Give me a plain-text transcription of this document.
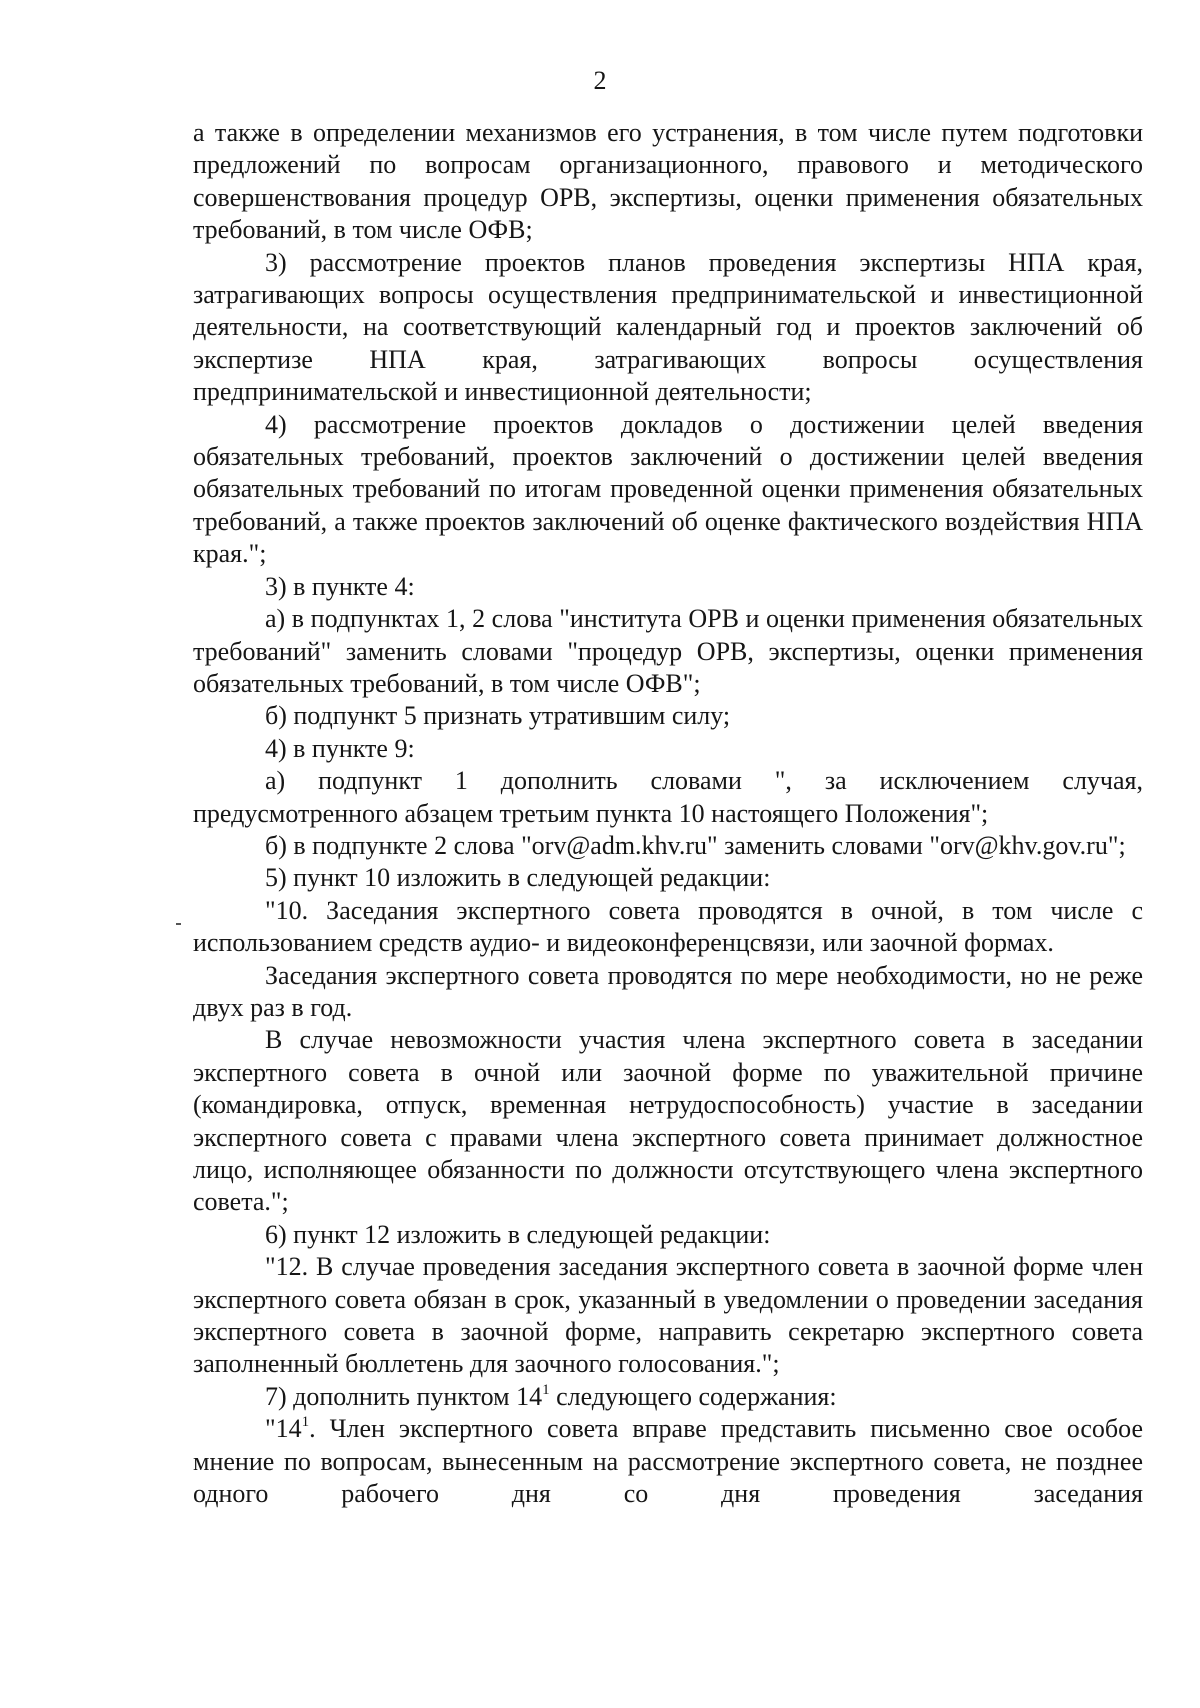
2

а также в определении механизмов его устранения, в том числе путем подготовки предложений по вопросам организационного, правового и методического совершенствования процедур ОРВ, экспертизы, оценки применения обязательных требований, в том числе ОФВ;

3) рассмотрение проектов планов проведения экспертизы НПА края, затрагивающих вопросы осуществления предпринимательской и инвестиционной деятельности, на соответствующий календарный год и проектов заключений об экспертизе НПА края, затрагивающих вопросы осуществления предпринимательской и инвестиционной деятельности;

4) рассмотрение проектов докладов о достижении целей введения обязательных требований, проектов заключений о достижении целей введения обязательных требований по итогам проведенной оценки применения обязательных требований, а также проектов заключений об оценке фактического воздействия НПА края.";

3) в пункте 4:

а) в подпунктах 1, 2 слова "института ОРВ и оценки применения обязательных требований" заменить словами "процедур ОРВ, экспертизы, оценки применения обязательных требований, в том числе ОФВ";

б) подпункт 5 признать утратившим силу;

4) в пункте 9:

а) подпункт 1 дополнить словами ", за исключением случая, предусмотренного абзацем третьим пункта 10 настоящего Положения";

б) в подпункте 2 слова "orv@adm.khv.ru" заменить словами "orv@khv.gov.ru";

5) пункт 10 изложить в следующей редакции:

"10. Заседания экспертного совета проводятся в очной, в том числе с использованием средств аудио- и видеоконференцсвязи, или заочной формах.

Заседания экспертного совета проводятся по мере необходимости, но не реже двух раз в год.

В случае невозможности участия члена экспертного совета в заседании экспертного совета в очной или заочной форме по уважительной причине (командировка, отпуск, временная нетрудоспособность) участие в заседании экспертного совета с правами члена экспертного совета принимает должностное лицо, исполняющее обязанности по должности отсутствующего члена экспертного совета.";

6) пункт 12 изложить в следующей редакции:

"12. В случае проведения заседания экспертного совета в заочной форме член экспертного совета обязан в срок, указанный в уведомлении о проведении заседания экспертного совета в заочной форме, направить секретарю экспертного совета заполненный бюллетень для заочного голосования.";

7) дополнить пунктом $14^1$ следующего содержания:

"$14^1$. Член экспертного совета вправе представить письменно свое особое мнение по вопросам, вынесенным на рассмотрение экспертного совета, не позднее одного рабочего дня со дня проведения заседания
